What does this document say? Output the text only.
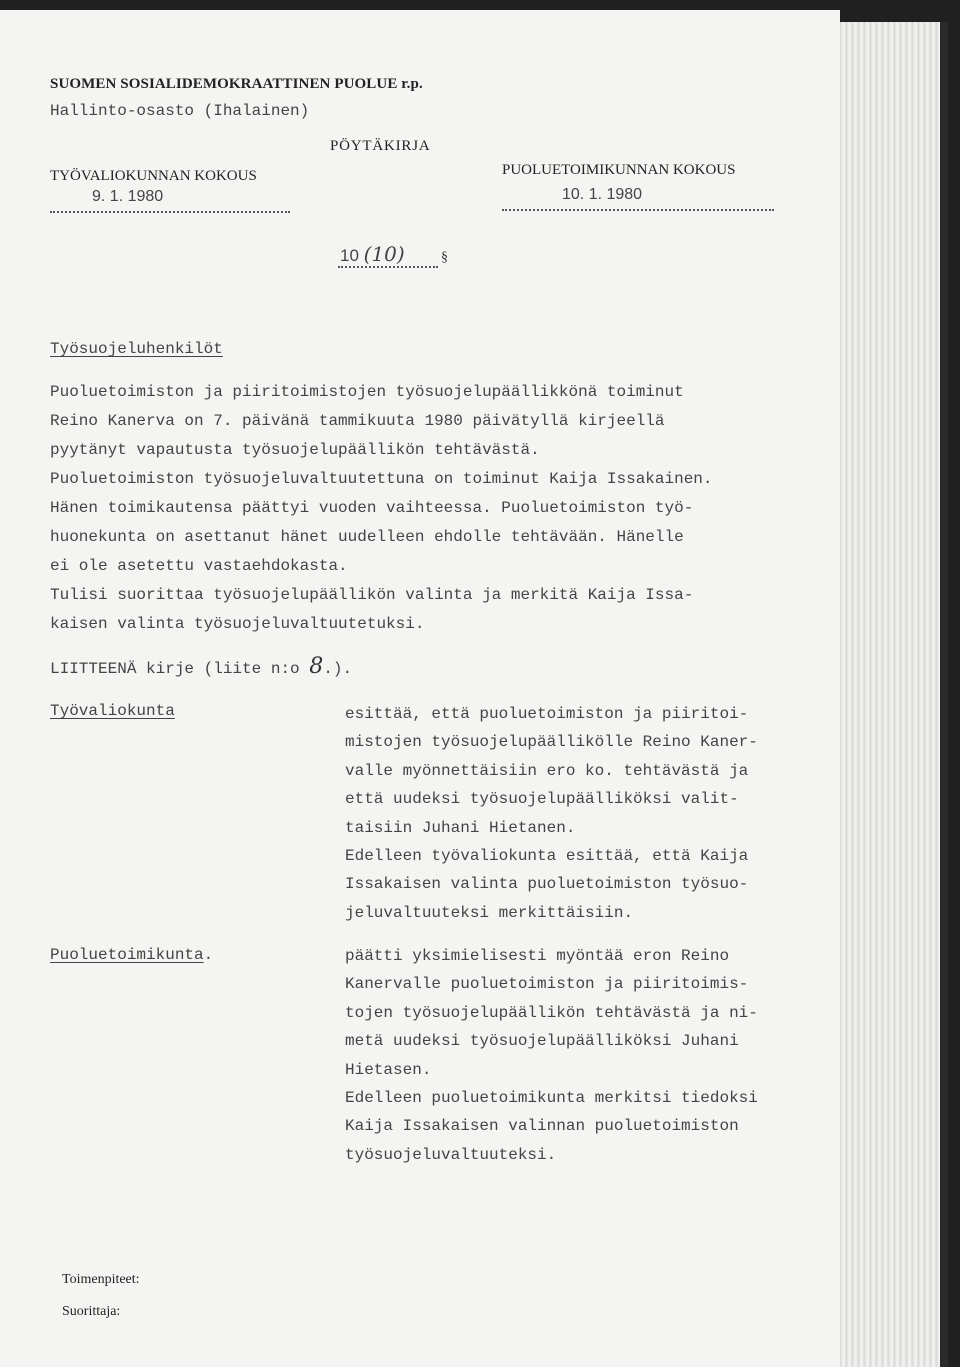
SUOMEN SOSIALIDEMOKRAATTINEN PUOLUE r.p.
Hallinto-osasto (Ihalainen)
PÖYTÄKIRJA
TYÖVALIOKUNNAN KOKOUS
9. 1. 1980
PUOLUETOIMIKUNNAN KOKOUS
10. 1. 1980
10 (10)	§
Työsuojeluhenkilöt
Puoluetoimiston ja piiritoimistojen työsuojelupäällikkönä toiminut
Reino Kanerva on 7. päivänä tammikuuta 1980 päivätyllä kirjeellä
pyytänyt vapautusta työsuojelupäällikön tehtävästä.
Puoluetoimiston työsuojeluvaltuutettuna on toiminut Kaija Issakainen.
Hänen toimikautensa päättyi vuoden vaihteessa. Puoluetoimiston työ-
huonekunta on asettanut hänet uudelleen ehdolle tehtävään. Hänelle
ei ole asetettu vastaehdokasta.
Tulisi suorittaa työsuojelupäällikön valinta ja merkitä Kaija Issa-
kaisen valinta työsuojeluvaltuutetuksi.
LIITTEENÄ kirje (liite n:o 8.).
Työvaliokunta	esittää, että puoluetoimiston ja piiritoi-
mistojen työsuojelupäällikölle Reino Kaner-
valle myönnettäisiin ero ko. tehtävästä ja
että uudeksi työsuojelupäälliköksi valit-
taisiin Juhani Hietanen.
Edelleen työvaliokunta esittää, että Kaija
Issakaisen valinta puoluetoimiston työsuo-
jeluvaltuuteksi merkittäisiin.
Puoluetoimikunta.	päätti yksimielisesti myöntää eron Reino
Kanervalle puoluetoimiston ja piiritoimis-
tojen työsuojelupäällikön tehtävästä ja ni-
metä uudeksi työsuojelupäälliköksi Juhani
Hietasen.
Edelleen puoluetoimikunta merkitsi tiedoksi
Kaija Issakaisen valinnan puoluetoimiston
työsuojeluvaltuuteksi.
Toimenpiteet:
Suorittaja:
